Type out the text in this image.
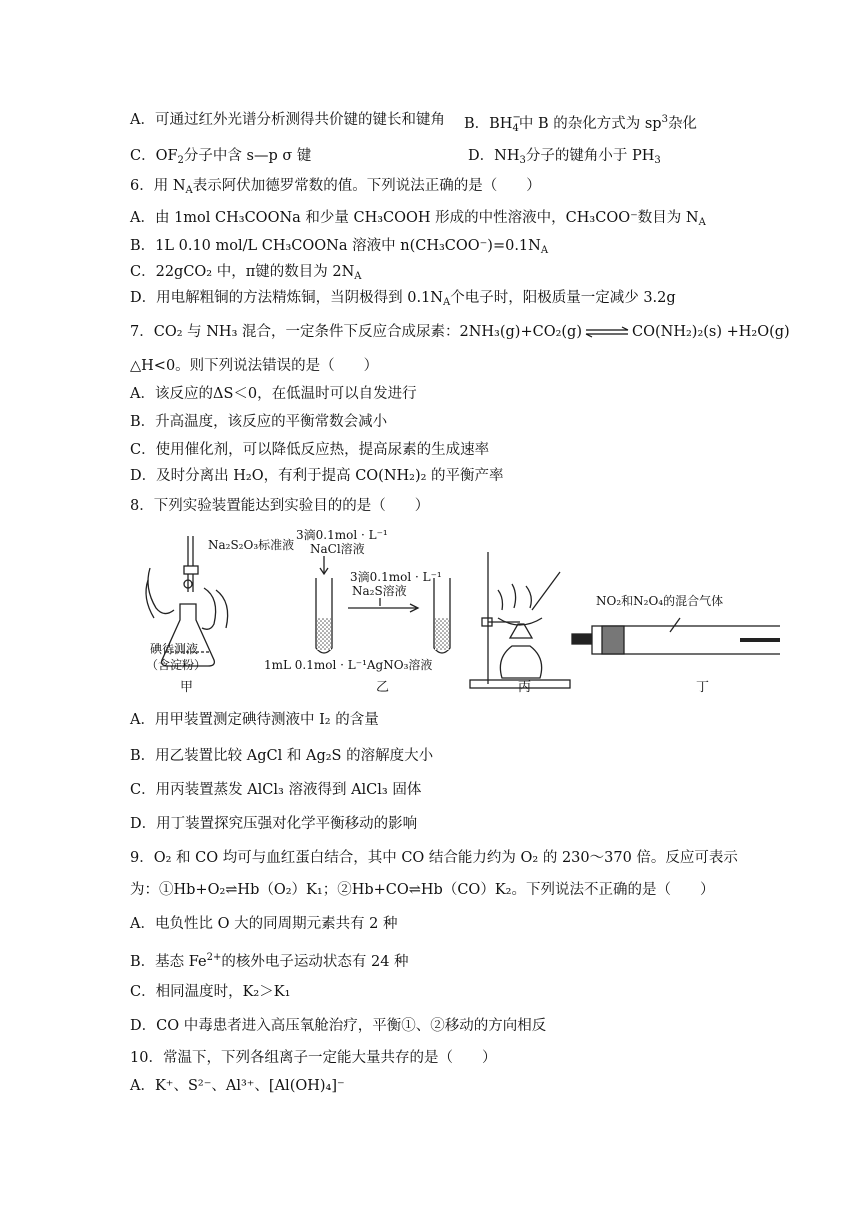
A．可通过红外光谱分析测得共价键的键长和键角 B．BH −
$_4$中 B 的杂化方式为 $sp^3$杂化
C．$OF_2$分子中含 s—p σ 键	D．$NH_3$分子的键角小于 $PH_3$
6．用 $N_A$表示阿伏加德罗常数的值。下列说法正确的是（　　）
A．由 1mol CH₃COONa 和少量 CH₃COOH 形成的中性溶液中，CH₃COO⁻数目为 $N_A$
B．1L 0.10 mol/L CH₃COONa 溶液中 $n(CH_3COO^-)=0.1N_A$
C．22gCO₂ 中，π键的数目为 $2N_A$
D．用电解粗铜的方法精炼铜，当阴极得到 $0.1N_A$个电子时，阳极质量一定减少 3.2g
7．CO₂ 与 NH₃ 混合，一定条件下反应合成尿素：2NH₃(g)+CO₂(g) ⇌ CO(NH₂)₂(s) +H₂O(g)
△H<0。则下列说法错误的是（　　）
A．该反应的ΔS＜0，在低温时可以自发进行
B．升高温度，该反应的平衡常数会减小
C．使用催化剂，可以降低反应热，提高尿素的生成速率
D．及时分离出 H₂O，有利于提高 CO(NH₂)₂ 的平衡产率
8．下列实验装置能达到实验目的的是（　　）
Na₂S₂O₃标准液
碘待测液
（含淀粉）
3滴0.1mol · L⁻¹
NaCl溶液
3滴0.1mol · L⁻¹
Na₂S溶液
1mL 0.1mol · L⁻¹AgNO₃溶液
NO₂和N₂O₄的混合气体
甲	乙	丙	丁
A．用甲装置测定碘待测液中 I₂ 的含量
B．用乙装置比较 AgCl 和 Ag₂S 的溶解度大小
C．用丙装置蒸发 AlCl₃ 溶液得到 AlCl₃ 固体
D．用丁装置探究压强对化学平衡移动的影响
9．O₂ 和 CO 均可与血红蛋白结合，其中 CO 结合能力约为 O₂ 的 230～370 倍。反应可表示
为：①Hb+O₂⇌Hb（O₂）K₁；②Hb+CO⇌Hb（CO）K₂。下列说法不正确的是（　　）
A．电负性比 O 大的同周期元素共有 2 种
B．基态 $Fe^{2+}$的核外电子运动状态有 24 种
C．相同温度时，K₂＞K₁
D．CO 中毒患者进入高压氧舱治疗，平衡①、②移动的方向相反
10．常温下，下列各组离子一定能大量共存的是（　　）
A．K⁺、S²⁻、Al³⁺、[Al(OH)₄]⁻
